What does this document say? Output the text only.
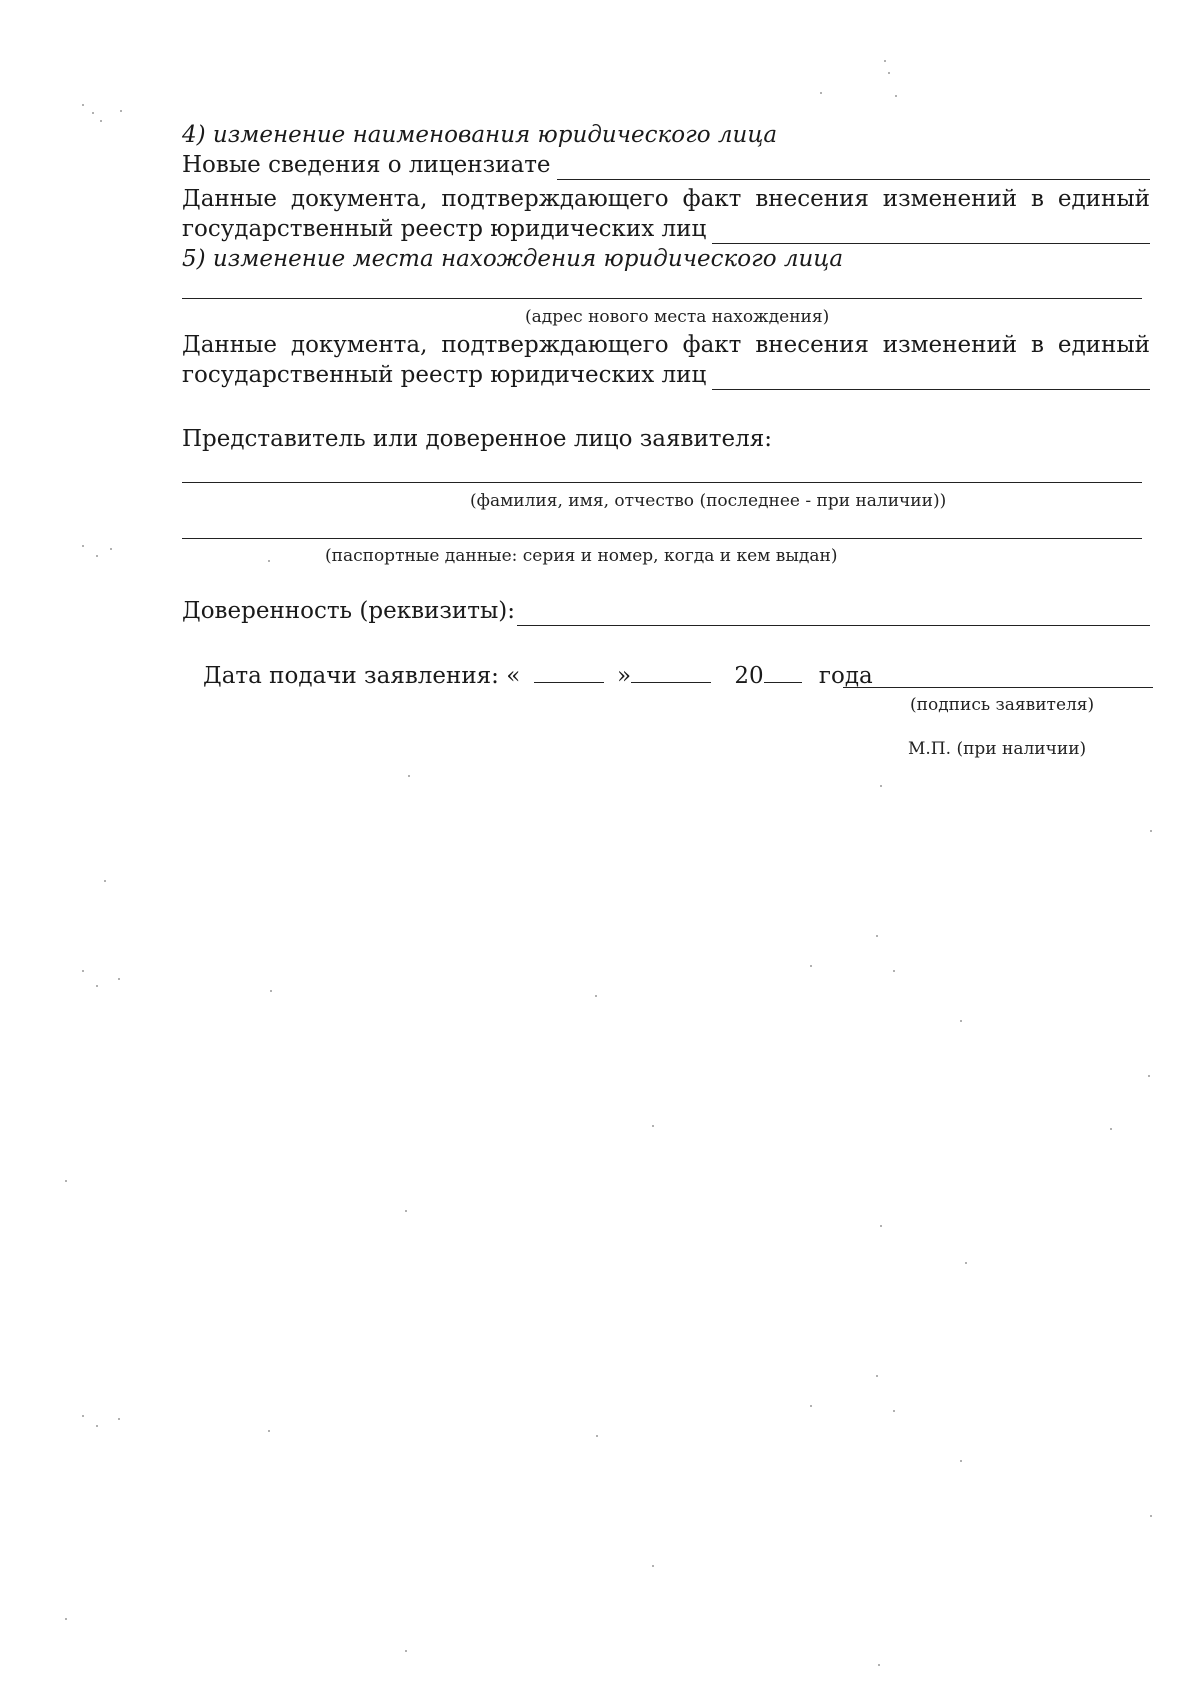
4) изменение наименования юридического лица
Новые сведения о лицензиате
Данные документа, подтверждающего факт внесения изменений в единый
государственный реестр юридических лиц
5) изменение места нахождения юридического лица
(адрес нового места нахождения)
Данные документа, подтверждающего факт внесения изменений в единый
государственный реестр юридических лиц
Представитель или доверенное лицо заявителя:
(фамилия, имя, отчество (последнее - при наличии))
(паспортные данные: серия и номер, когда и кем выдан)
Доверенность (реквизиты):
Дата подачи заявления: «	»	20 года
(подпись заявителя)
М.П. (при наличии)
